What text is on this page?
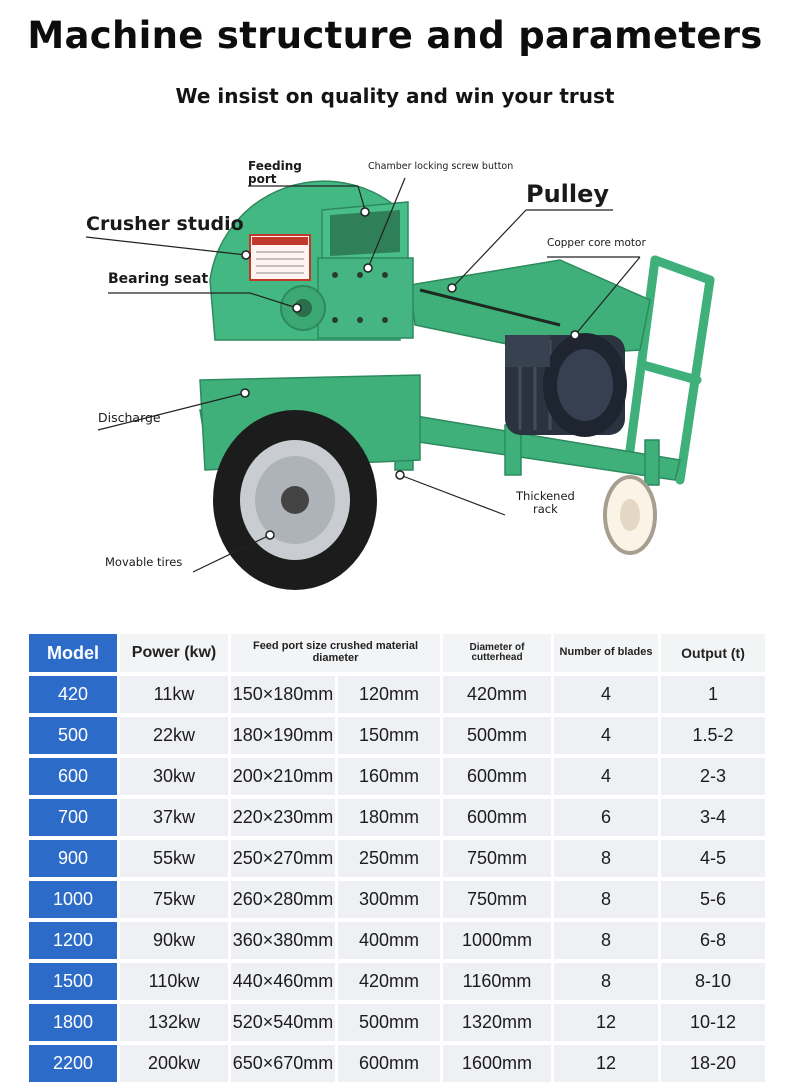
Machine structure and parameters
We insist on quality and win your trust
Feeding
port
Chamber locking screw button
Pulley
Crusher studio
Copper core motor
Bearing seat
Discharge
Thickened
rack
Movable tires
Model	Power (kw)	Feed port size crushed material diameter		Diameter of cutterhead	Number of blades	Output (t)
420	11kw	150×180mm	120mm	420mm	4	1
500	22kw	180×190mm	150mm	500mm	4	1.5-2
600	30kw	200×210mm	160mm	600mm	4	2-3
700	37kw	220×230mm	180mm	600mm	6	3-4
900	55kw	250×270mm	250mm	750mm	8	4-5
1000	75kw	260×280mm	300mm	750mm	8	5-6
1200	90kw	360×380mm	400mm	1000mm	8	6-8
1500	110kw	440×460mm	420mm	1160mm	8	8-10
1800	132kw	520×540mm	500mm	1320mm	12	10-12
2200	200kw	650×670mm	600mm	1600mm	12	18-20
